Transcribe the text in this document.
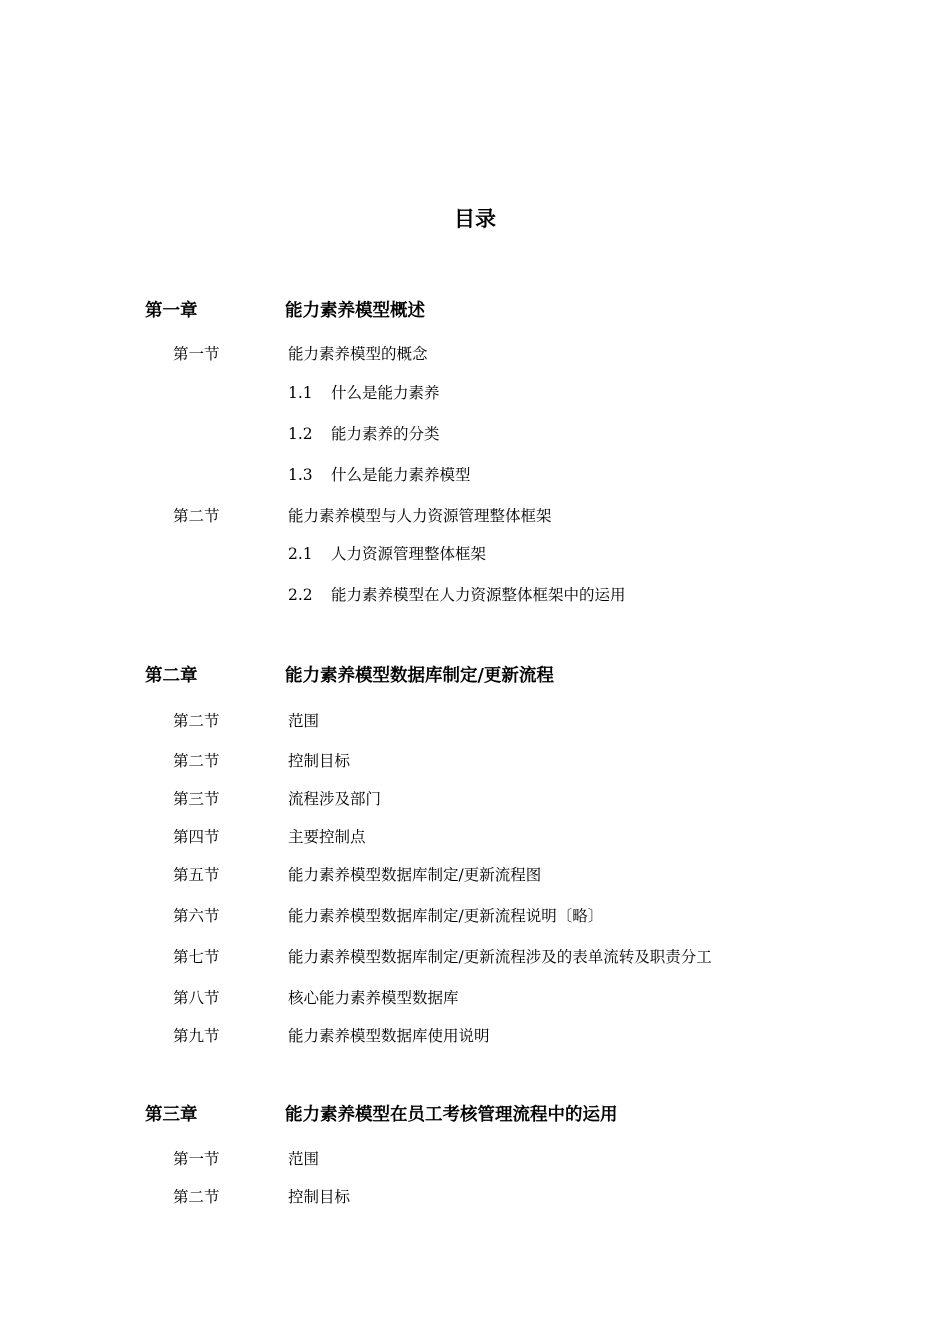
目录
第一章	能力素养模型概述
第一节	能力素养模型的概念
1.1 什么是能力素养
1.2 能力素养的分类
1.3 什么是能力素养模型
第二节	能力素养模型与人力资源管理整体框架
2.1 人力资源管理整体框架
2.2 能力素养模型在人力资源整体框架中的运用
第二章	能力素养模型数据库制定/更新流程
第二节	范围
第二节	控制目标
第三节	流程涉及部门
第四节	主要控制点
第五节	能力素养模型数据库制定/更新流程图
第六节	能力素养模型数据库制定/更新流程说明〔略〕
第七节	能力素养模型数据库制定/更新流程涉及的表单流转及职责分工
第八节	核心能力素养模型数据库
第九节	能力素养模型数据库使用说明
第三章	能力素养模型在员工考核管理流程中的运用
第一节	范围
第二节	控制目标
